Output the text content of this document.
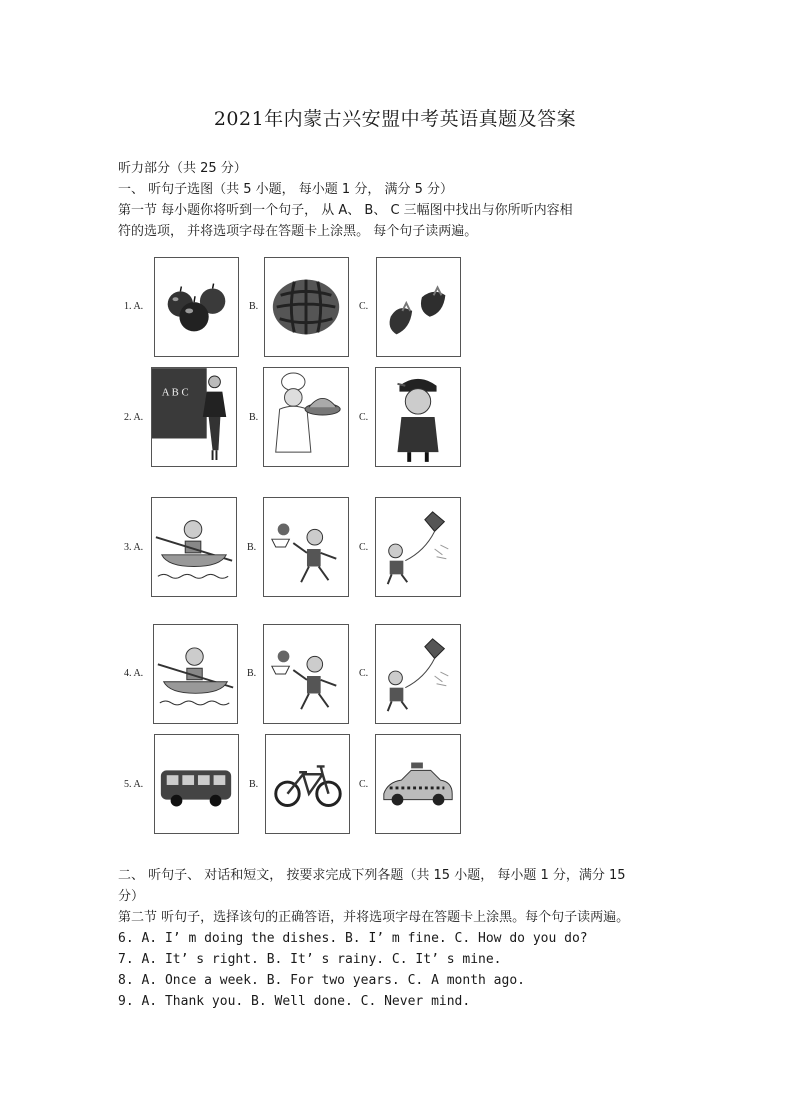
2021年内蒙古兴安盟中考英语真题及答案
听力部分（共 25 分）
一、 听句子选图（共 5 小题， 每小题 1 分， 满分 5 分）
第一节 每小题你将听到一个句子， 从 A、 B、 C 三幅图中找出与你所听内容相
符的选项， 并将选项字母在答题卡上涂黑。 每个句子读两遍。
1. A.	B.	C.
2. A.	B.	C.
A B C
3. A.	B.	C.
4. A.	B.	C.
5. A.	B.	C.
二、 听句子、 对话和短文， 按要求完成下列各题（共 15 小题， 每小题 1 分，满分 15
分）
第二节 听句子，选择该句的正确答语，并将选项字母在答题卡上涂黑。每个句子读两遍。
6. A. I’ m doing the dishes. B. I’ m fine. C. How do you do?
7. A. It’ s right. B. It’ s rainy. C. It’ s mine.
8. A. Once a week. B. For two years. C. A month ago.
9. A. Thank you. B. Well done. C. Never mind.
